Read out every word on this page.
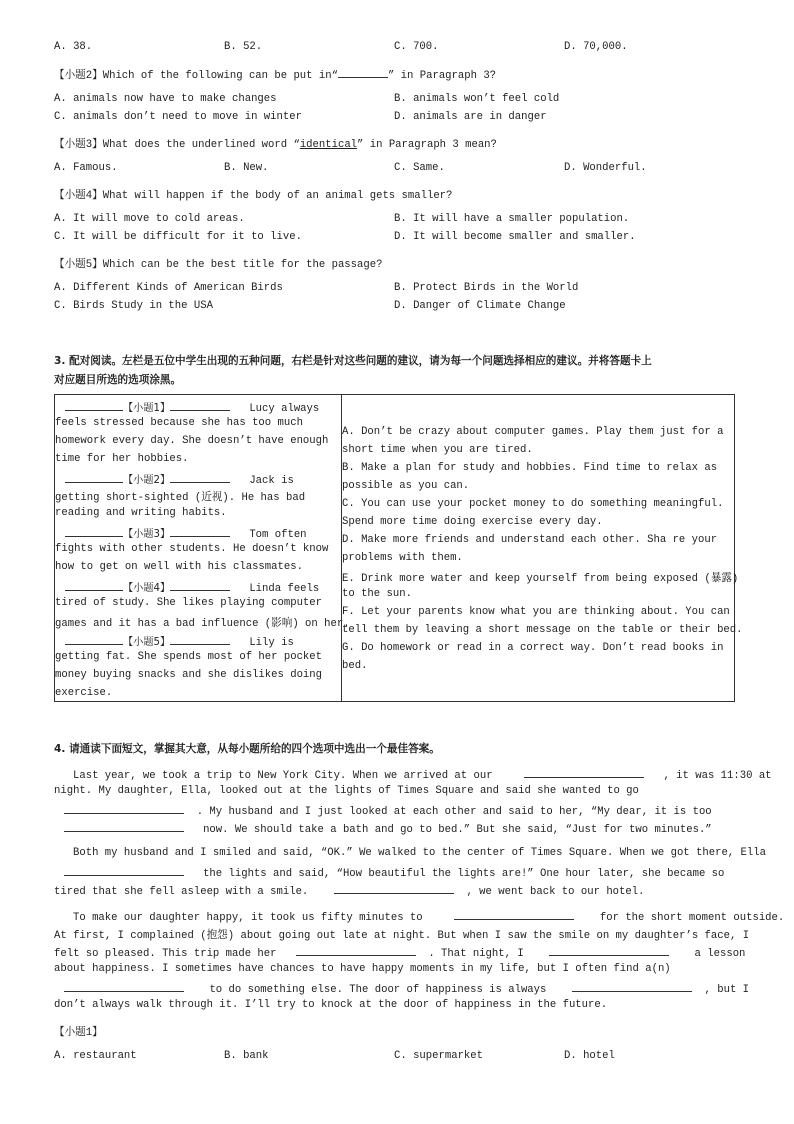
A. 38.	B. 52.	C. 700.	D. 70,000.
【小题2】Which of the following can be put in“	” in Paragraph 3?
A. animals now have to make changes	B. animals won’t feel cold
C. animals don’t need to move in winter	D. animals are in danger
【小题3】What does the underlined word “identical” in Paragraph 3 mean?
A. Famous.	B. New.	C. Same.	D. Wonderful.
【小题4】What will happen if the body of an animal gets smaller?
A. It will move to cold areas.	B. It will have a smaller population.
C. It will be difficult for it to live.	D. It will become smaller and smaller.
【小题5】Which can be the best title for the passage?
A. Different Kinds of American Birds	B. Protect Birds in the World
C. Birds Study in the USA	D. Danger of Climate Change
3. 配对阅读。左栏是五位中学生出现的五种问题，右栏是针对这些问题的建议，请为每一个问题选择相应的建议。并将答题卡上
对应题目所选的选项涂黑。
【小题1】	Lucy always
feels stressed because she has too much
homework every day. She doesn’t have enough
time for her hobbies.
【小题2】	Jack is
getting short-sighted (近视). He has bad
reading and writing habits.
【小题3】	Tom often
fights with other students. He doesn’t know
how to get on well with his classmates.
【小题4】	Linda feels
tired of study. She likes playing computer
games and it has a bad influence (影响) on her.
【小题5】	Lily is
getting fat. She spends most of her pocket
money buying snacks and she dislikes doing
exercise.

A. Don’t be crazy about computer games. Play them just for a
short time when you are tired.
B. Make a plan for study and hobbies. Find time to relax as
possible as you can.
C. You can use your pocket money to do something meaningful.
Spend more time doing exercise every day.
D. Make more friends and understand each other. Sha re your
problems with them.
E. Drink more water and keep yourself from being exposed (暴露)
to the sun.
F. Let your parents know what you are thinking about. You can
tell them by leaving a short message on the table or their bed.
G. Do homework or read in a correct way. Don’t read books in
bed.
4. 请通读下面短文，掌握其大意，从每小题所给的四个选项中选出一个最佳答案。
Last year, we took a trip to New York City. When we arrived at our	, it was 11:30 at
night. My daughter, Ella, looked out at the lights of Times Square and said she wanted to go
. My husband and I just looked at each other and said to her, “My dear, it is too
now. We should take a bath and go to bed.” But she said, “Just for two minutes.”
Both my husband and I smiled and said, “OK.” We walked to the center of Times Square. When we got there, Ella
the lights and said, “How beautiful the lights are!” One hour later, she became so
tired that she fell asleep with a smile.	, we went back to our hotel.
To make our daughter happy, it took us fifty minutes to	for the short moment outside.
At first, I complained (抱怨) about going out late at night. But when I saw the smile on my daughter’s face, I
felt so pleased. This trip made her	. That night, I	a lesson
about happiness. I sometimes have chances to have happy moments in my life, but I often find a(n)
to do something else. The door of happiness is always	, but I
don’t always walk through it. I’ll try to knock at the door of happiness in the future.
【小题1】
A. restaurant	B. bank	C. supermarket	D. hotel
